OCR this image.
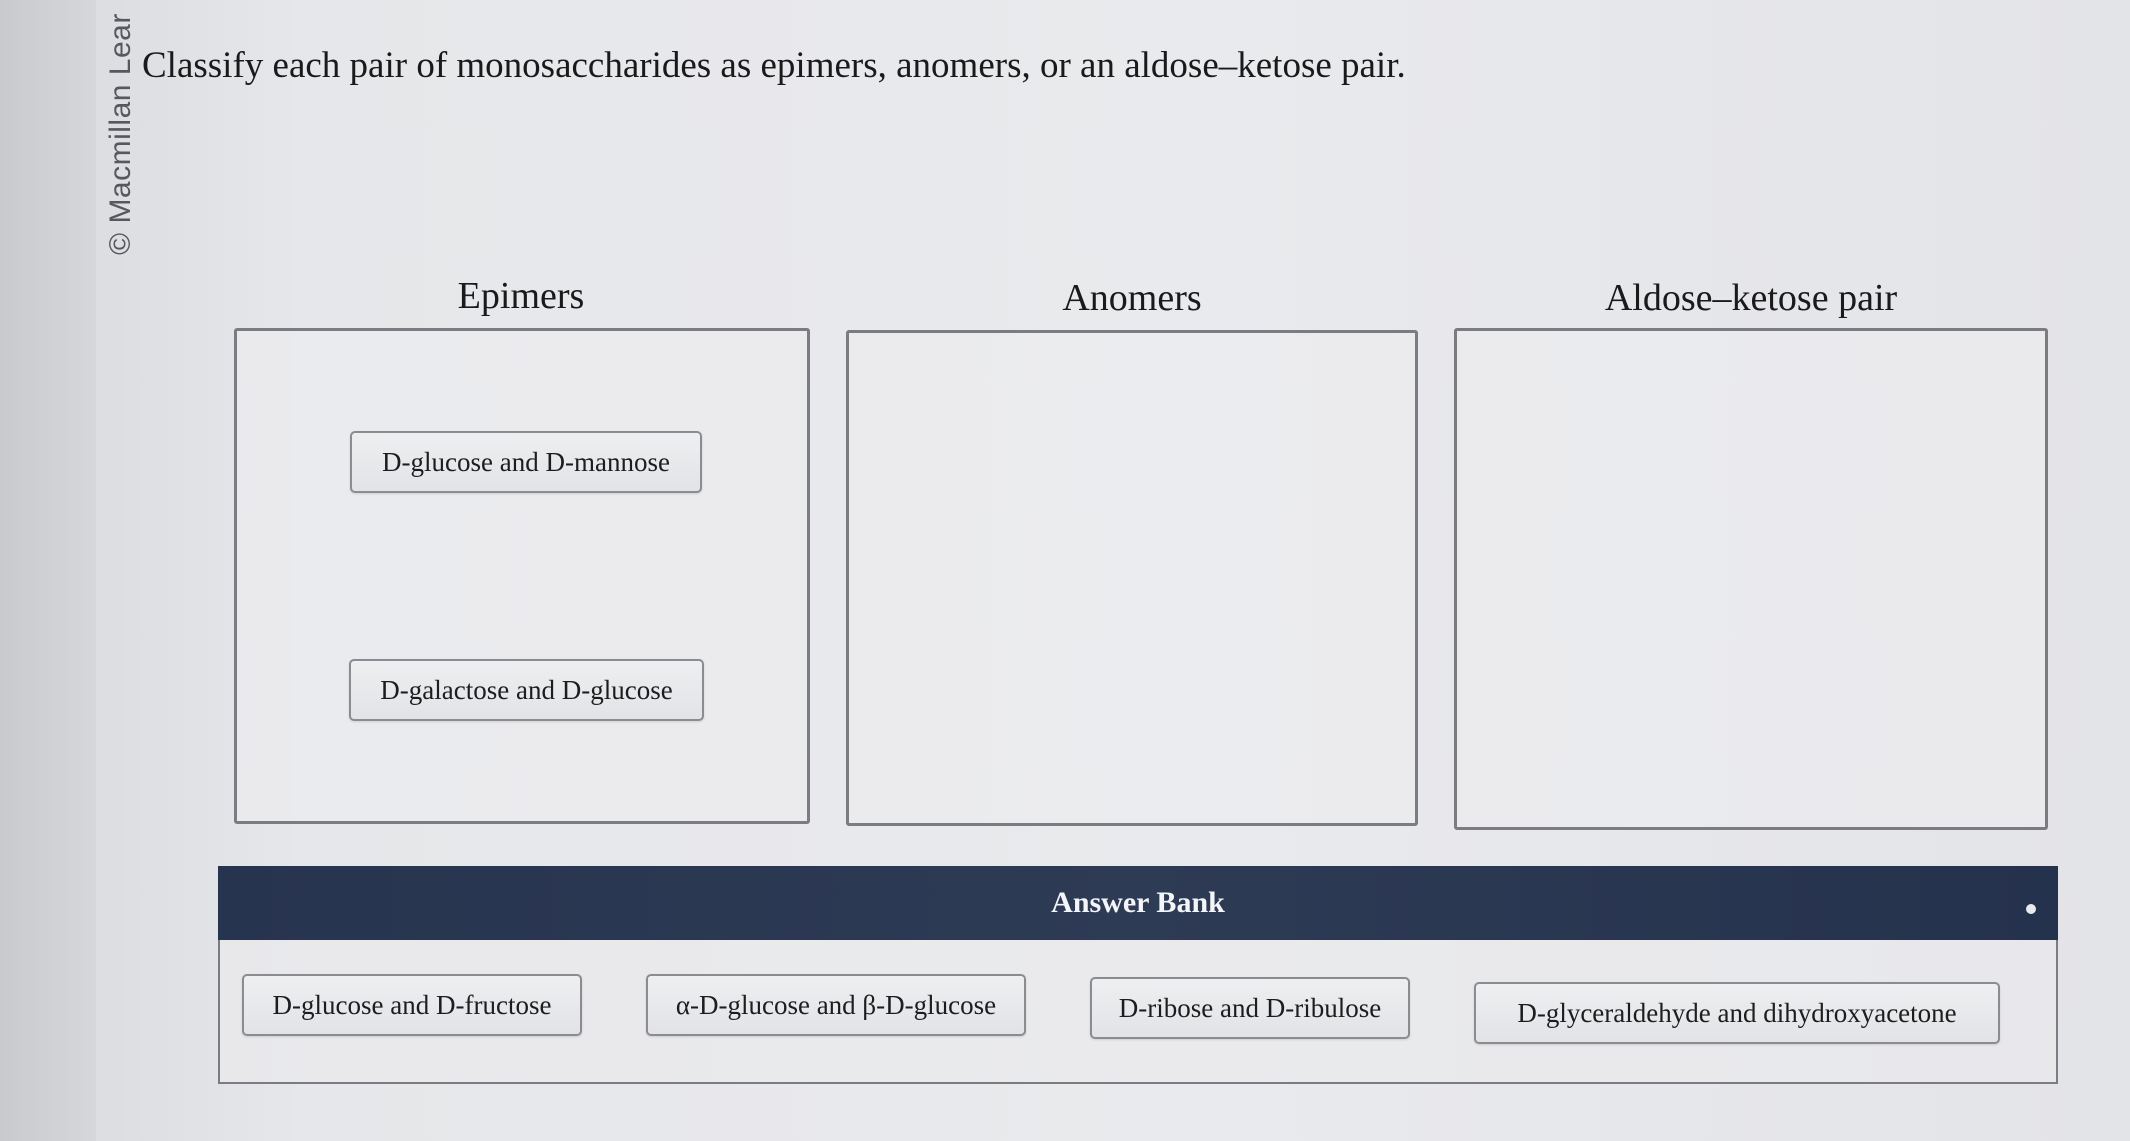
© Macmillan Lear Classify each pair of monosaccharides as epimers, anomers, or an aldose–ketose pair.
Epimers	Anomers	Aldose–ketose pair
D-glucose and D-mannose
D-galactose and D-glucose
Answer Bank
D-glucose and D-fructose	α-D-glucose and β-D-glucose	D-ribose and D-ribulose	D-glyceraldehyde and dihydroxyacetone
